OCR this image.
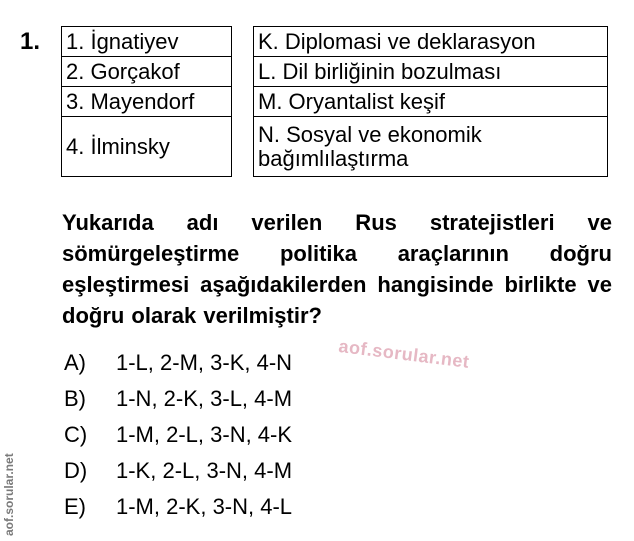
1. 1. İgnatiyev
2. Gorçakof
3. Mayendorf
4. İlminsky
K. Diplomasi ve deklarasyon
L. Dil birliğinin bozulması
M. Oryantalist keşif
N. Sosyal ve ekonomik bağımlılaştırma
Yukarıda adı verilen Rus stratejistleri ve sömürgeleştirme politika araçlarının doğru eşleştirmesi aşağıdakilerden hangisinde birlikte ve doğru olarak verilmiştir?
aof.sorular.net
A)	1-L, 2-M, 3-K, 4-N
B)	1-N, 2-K, 3-L, 4-M
C)	1-M, 2-L, 3-N, 4-K
D)	1-K, 2-L, 3-N, 4-M
E)	1-M, 2-K, 3-N, 4-L
aof.sorular.net
